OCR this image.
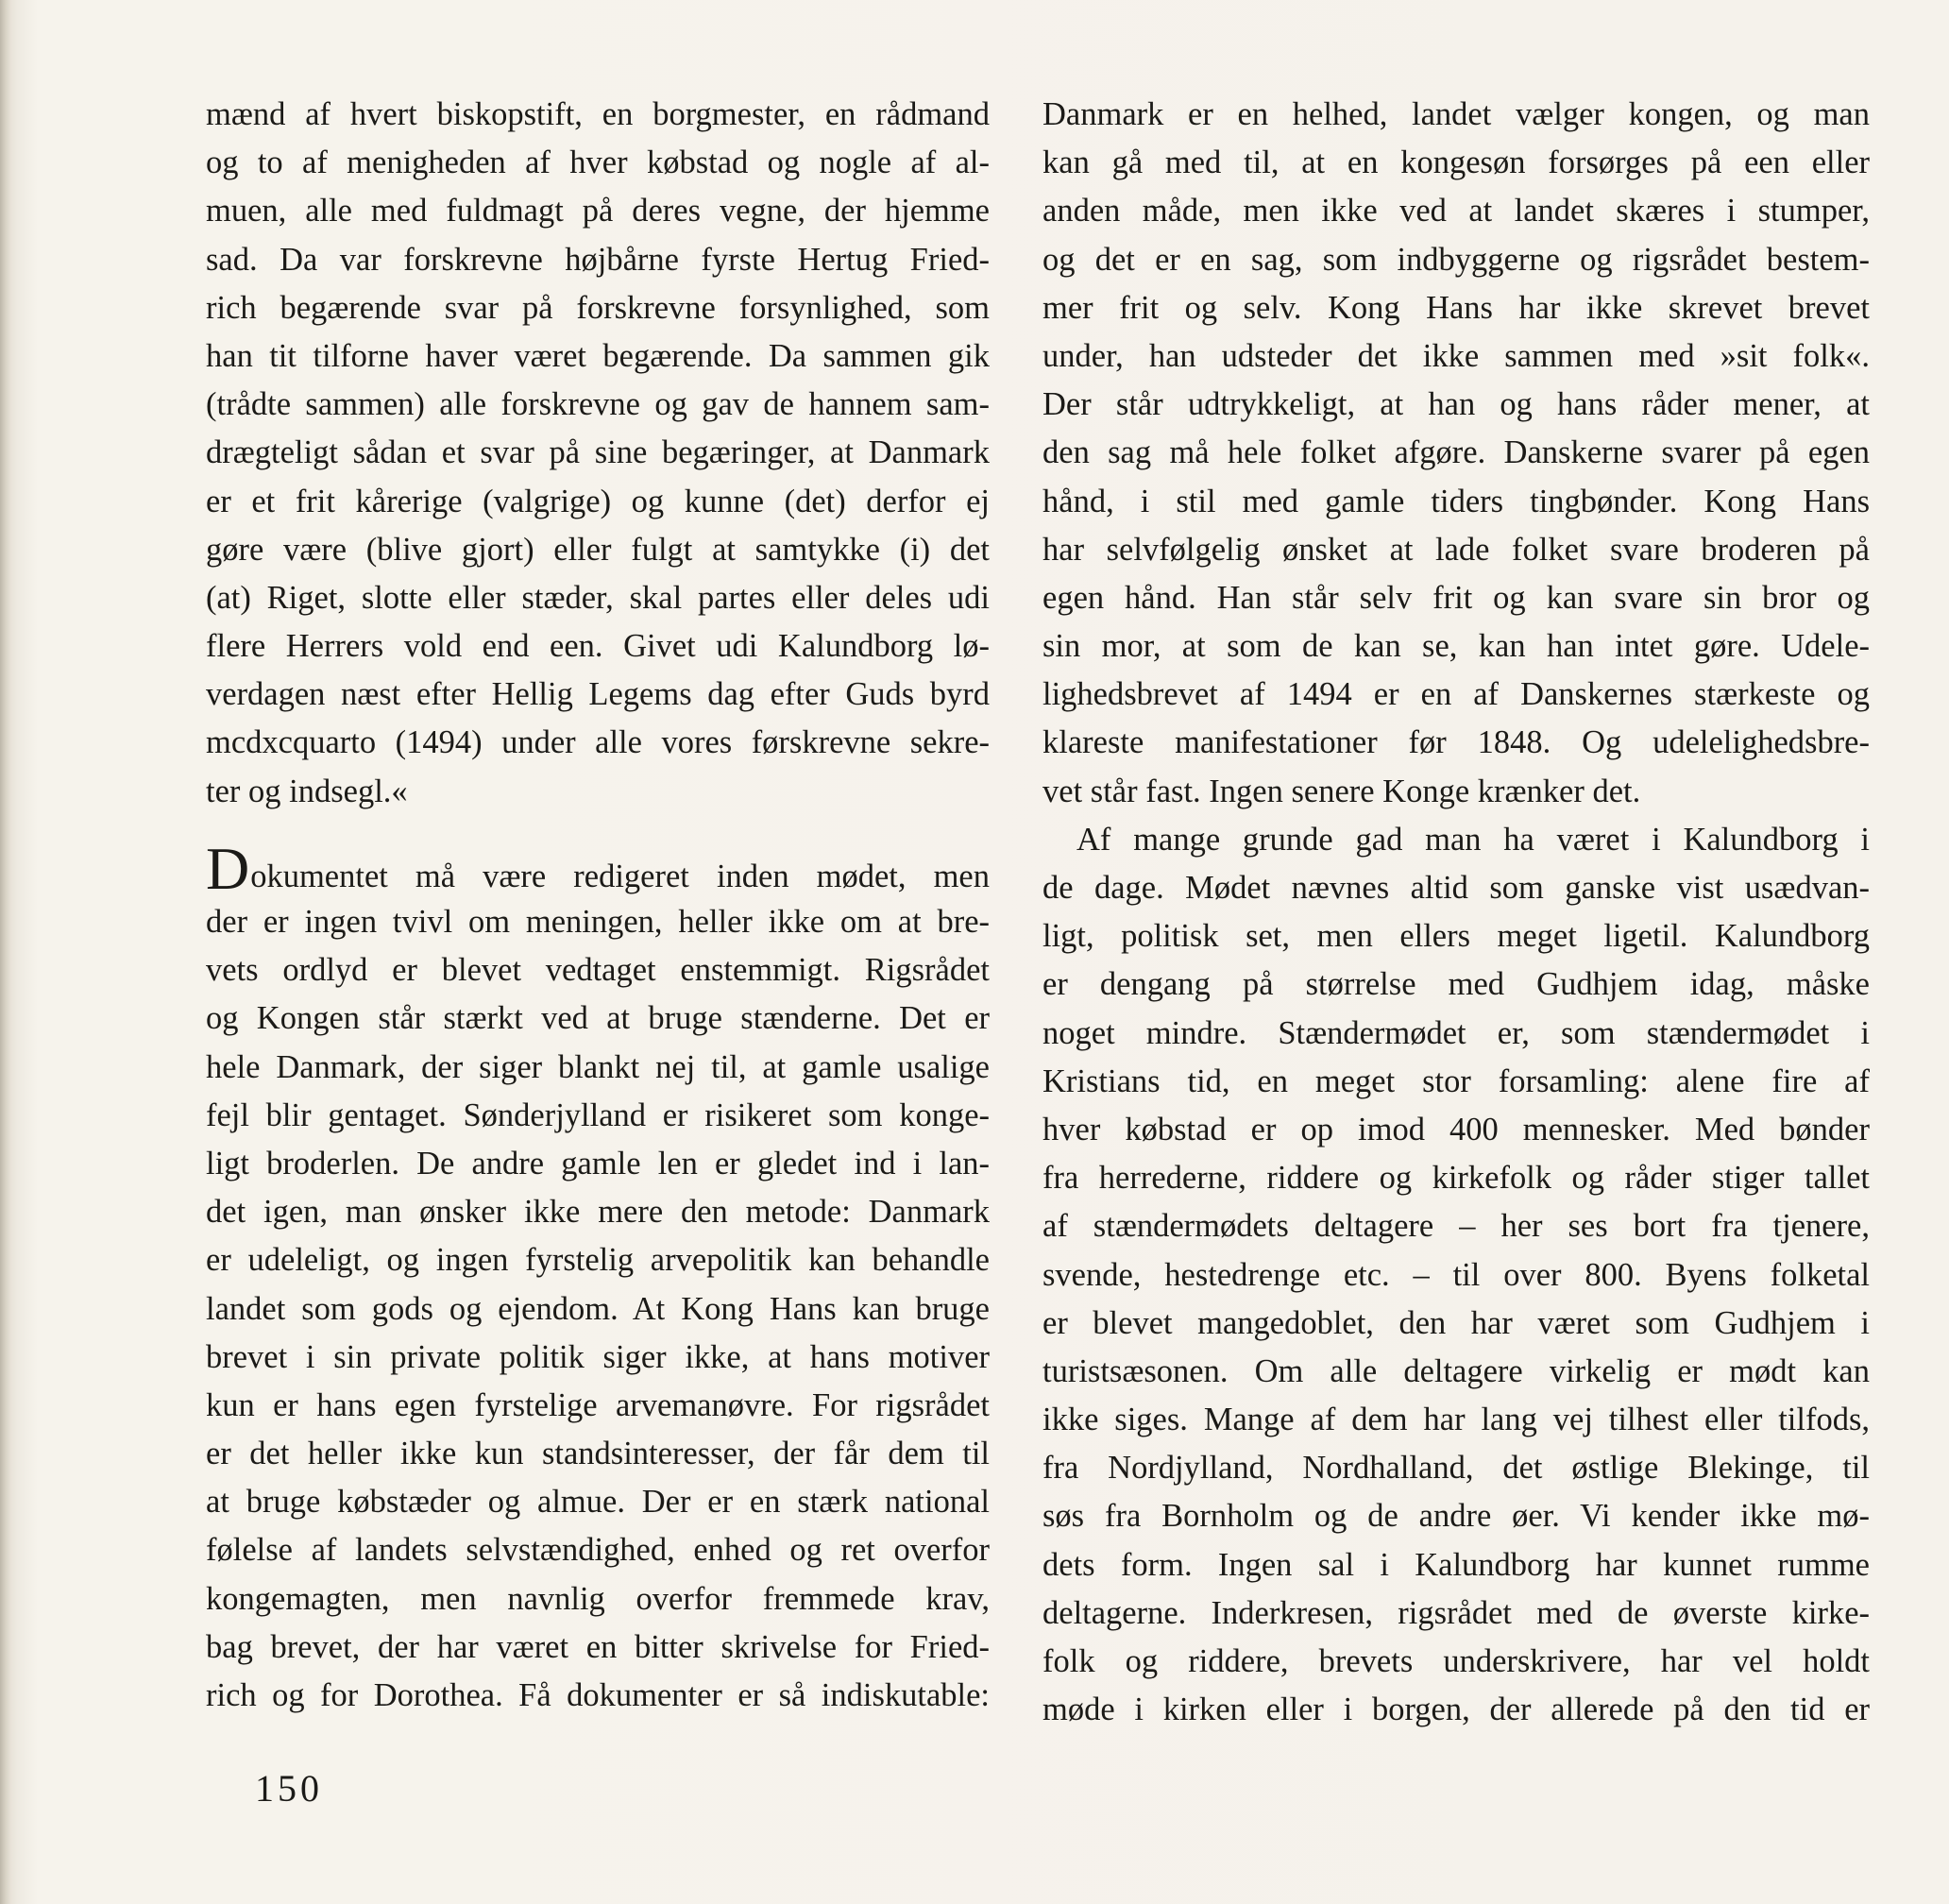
mænd af hvert biskopstift, en borgmester, en rådmand
og to af menigheden af hver købstad og nogle af al-
muen, alle med fuldmagt på deres vegne, der hjemme
sad. Da var forskrevne højbårne fyrste Hertug Fried-
rich begærende svar på forskrevne forsynlighed, som
han tit tilforne haver været begærende. Da sammen gik
(trådte sammen) alle forskrevne og gav de hannem sam-
drægteligt sådan et svar på sine begæringer, at Danmark
er et frit kårerige (valgrige) og kunne (det) derfor ej
gøre være (blive gjort) eller fulgt at samtykke (i) det
(at) Riget, slotte eller stæder, skal partes eller deles udi
flere Herrers vold end een. Givet udi Kalundborg lø-
verdagen næst efter Hellig Legems dag efter Guds byrd
mcdxcquarto (1494) under alle vores førskrevne sekre-
ter og indsegl.«
Dokumentet må være redigeret inden mødet, men
der er ingen tvivl om meningen, heller ikke om at bre-
vets ordlyd er blevet vedtaget enstemmigt. Rigsrådet
og Kongen står stærkt ved at bruge stænderne. Det er
hele Danmark, der siger blankt nej til, at gamle usalige
fejl blir gentaget. Sønderjylland er risikeret som konge-
ligt broderlen. De andre gamle len er gledet ind i lan-
det igen, man ønsker ikke mere den metode: Danmark
er udeleligt, og ingen fyrstelig arvepolitik kan behandle
landet som gods og ejendom. At Kong Hans kan bruge
brevet i sin private politik siger ikke, at hans motiver
kun er hans egen fyrstelige arvemanøvre. For rigsrådet
er det heller ikke kun standsinteresser, der får dem til
at bruge købstæder og almue. Der er en stærk national
følelse af landets selvstændighed, enhed og ret overfor
kongemagten, men navnlig overfor fremmede krav,
bag brevet, der har været en bitter skrivelse for Fried-
rich og for Dorothea. Få dokumenter er så indiskutable:
Danmark er en helhed, landet vælger kongen, og man
kan gå med til, at en kongesøn forsørges på een eller
anden måde, men ikke ved at landet skæres i stumper,
og det er en sag, som indbyggerne og rigsrådet bestem-
mer frit og selv. Kong Hans har ikke skrevet brevet
under, han udsteder det ikke sammen med »sit folk«.
Der står udtrykkeligt, at han og hans råder mener, at
den sag må hele folket afgøre. Danskerne svarer på egen
hånd, i stil med gamle tiders tingbønder. Kong Hans
har selvfølgelig ønsket at lade folket svare broderen på
egen hånd. Han står selv frit og kan svare sin bror og
sin mor, at som de kan se, kan han intet gøre. Udele-
lighedsbrevet af 1494 er en af Danskernes stærkeste og
klareste manifestationer før 1848. Og udelelighedsbre-
vet står fast. Ingen senere Konge krænker det.
Af mange grunde gad man ha været i Kalundborg i
de dage. Mødet nævnes altid som ganske vist usædvan-
ligt, politisk set, men ellers meget ligetil. Kalundborg
er dengang på størrelse med Gudhjem idag, måske
noget mindre. Stændermødet er, som stændermødet i
Kristians tid, en meget stor forsamling: alene fire af
hver købstad er op imod 400 mennesker. Med bønder
fra herrederne, riddere og kirkefolk og råder stiger tallet
af stændermødets deltagere – her ses bort fra tjenere,
svende, hestedrenge etc. – til over 800. Byens folketal
er blevet mangedoblet, den har været som Gudhjem i
turistsæsonen. Om alle deltagere virkelig er mødt kan
ikke siges. Mange af dem har lang vej tilhest eller tilfods,
fra Nordjylland, Nordhalland, det østlige Blekinge, til
søs fra Bornholm og de andre øer. Vi kender ikke mø-
dets form. Ingen sal i Kalundborg har kunnet rumme
deltagerne. Inderkresen, rigsrådet med de øverste kirke-
folk og riddere, brevets underskrivere, har vel holdt
møde i kirken eller i borgen, der allerede på den tid er
150
